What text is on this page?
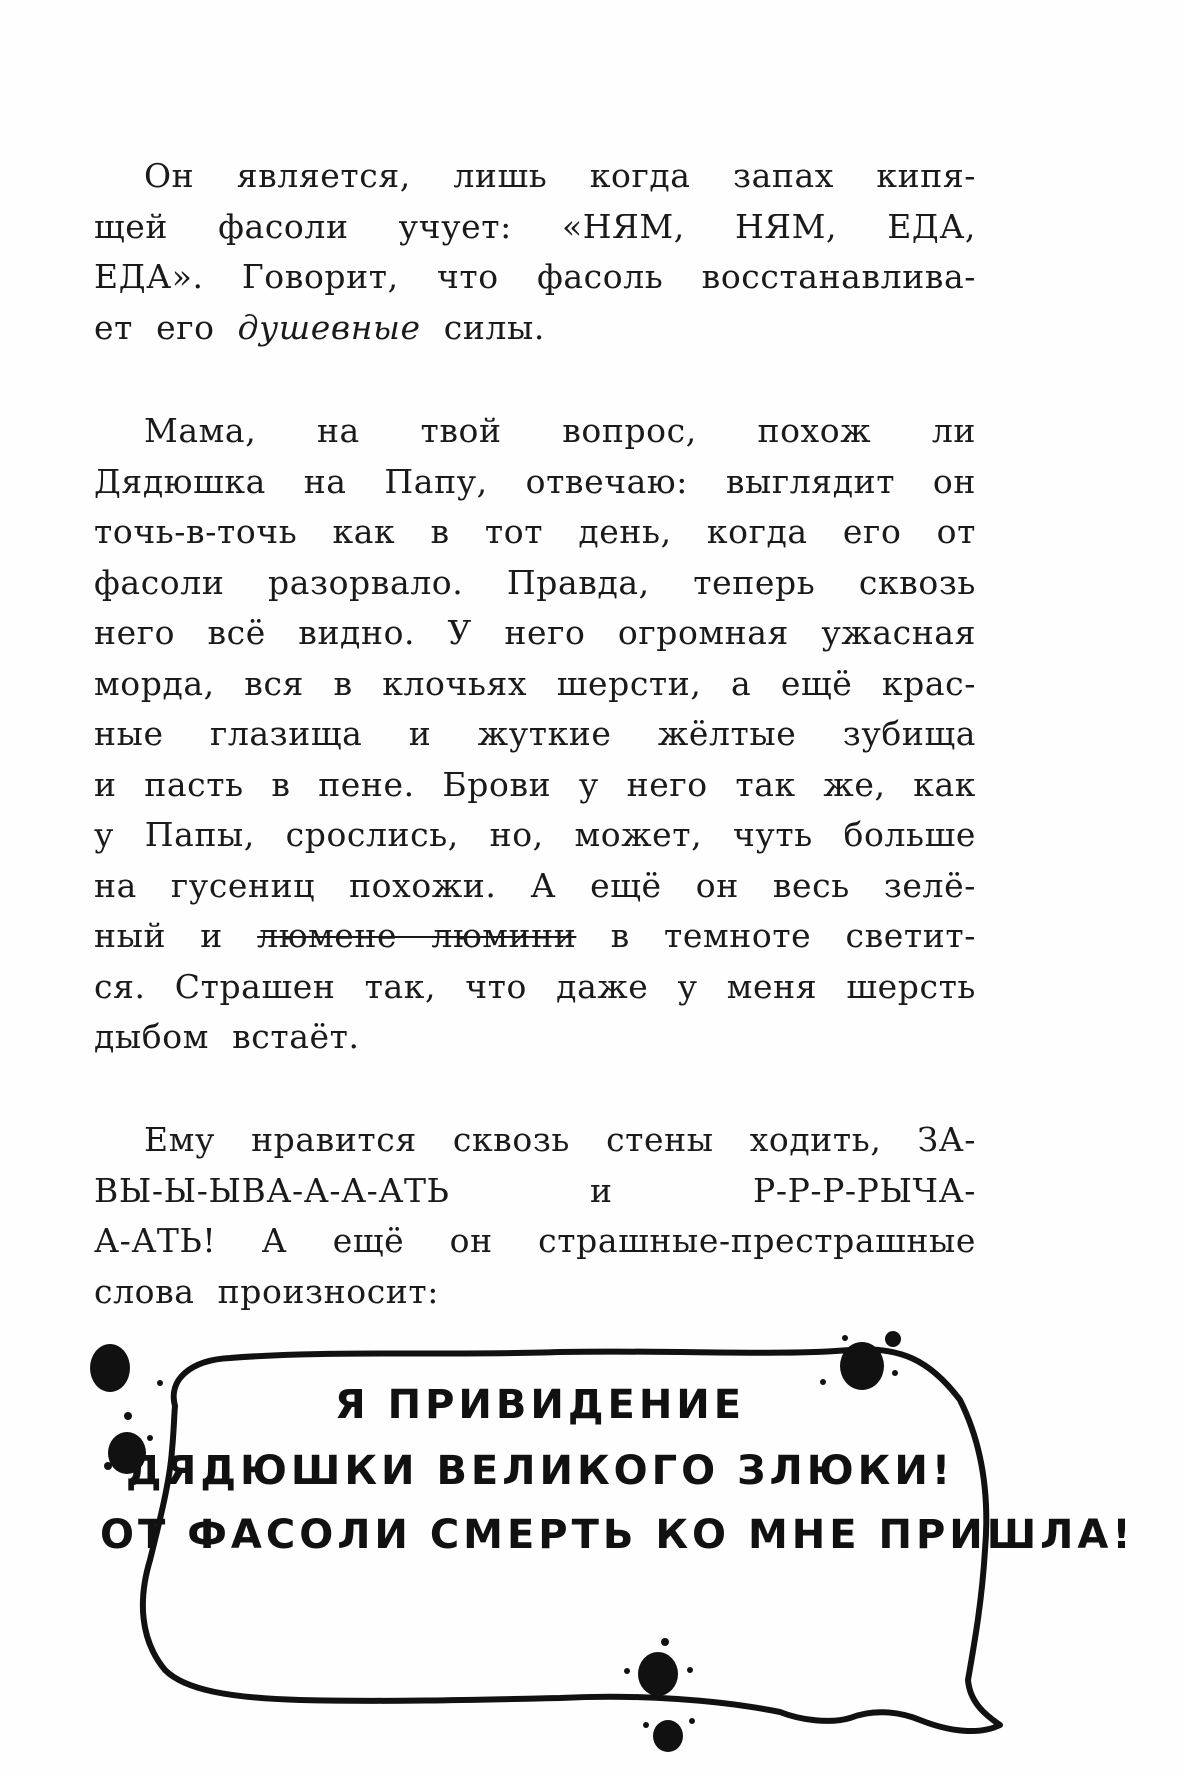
Он является, лишь когда запах кипя-
щей фасоли учует: «НЯМ, НЯМ, ЕДА,
ЕДА». Говорит, что фасоль восстанавлива-
ет его душевные силы.

Мама, на твой вопрос, похож ли
Дядюшка на Папу, отвечаю: выглядит он
точь-в-точь как в тот день, когда его от
фасоли разорвало. Правда, теперь сквозь
него всё видно. У него огромная ужасная
морда, вся в клочьях шерсти, а ещё крас-
ные глазища и жуткие жёлтые зубища
и пасть в пене. Брови у него так же, как
у Папы, срослись, но, может, чуть больше
на гусениц похожи. А ещё он весь зелё-
ный и люмене люмини в темноте светит-
ся. Страшен так, что даже у меня шерсть
дыбом встаёт.

Ему нравится сквозь стены ходить, ЗА-
ВЫ-Ы-ЫВА-А-А-АТЬ и Р-Р-Р-РЫЧА-
А-АТЬ! А ещё он страшные-престрашные
слова произносит:

Я ПРИВИДЕНИЕ
ДЯДЮШКИ ВЕЛИКОГО ЗЛЮКИ!
ОТ ФАСОЛИ СМЕРТЬ КО МНЕ ПРИШЛА!
